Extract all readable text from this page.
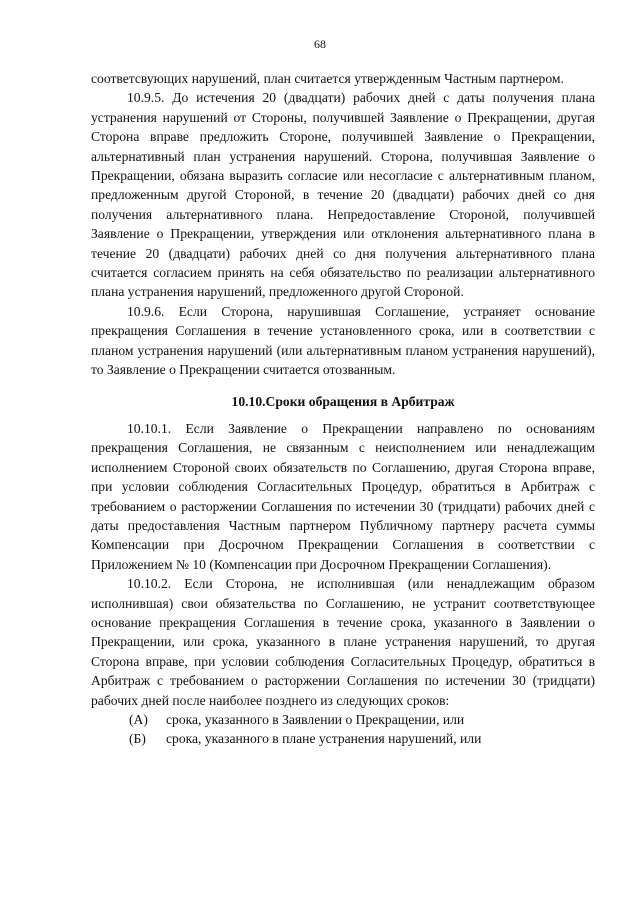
68

соответсвующих нарушений, план считается утвержденным Частным партнером.

10.9.5. До истечения 20 (двадцати) рабочих дней с даты получения плана устранения нарушений от Стороны, получившей Заявление о Прекращении, другая Сторона вправе предложить Стороне, получившей Заявление о Прекращении, альтернативный план устранения нарушений. Сторона, получившая Заявление о Прекращении, обязана выразить согласие или несогласие с альтернативным планом, предложенным другой Стороной, в течение 20 (двадцати) рабочих дней со дня получения альтернативного плана. Непредоставление Стороной, получившей Заявление о Прекращении, утверждения или отклонения альтернативного плана в течение 20 (двадцати) рабочих дней со дня получения альтернативного плана считается согласием принять на себя обязательство по реализации альтернативного плана устранения нарушений, предложенного другой Стороной.

10.9.6. Если Сторона, нарушившая Соглашение, устраняет основание прекращения Соглашения в течение установленного срока, или в соответствии с планом устранения нарушений (или альтернативным планом устранения нарушений), то Заявление о Прекращении считается отозванным.

10.10.Сроки обращения в Арбитраж

10.10.1. Если Заявление о Прекращении направлено по основаниям прекращения Соглашения, не связанным с неисполнением или ненадлежащим исполнением Стороной своих обязательств по Соглашению, другая Сторона вправе, при условии соблюдения Согласительных Процедур, обратиться в Арбитраж с требованием о расторжении Соглашения по истечении 30 (тридцати) рабочих дней с даты предоставления Частным партнером Публичному партнеру расчета суммы Компенсации при Досрочном Прекращении Соглашения в соответствии с Приложением № 10 (Компенсации при Досрочном Прекращении Соглашения).

10.10.2. Если Сторона, не исполнившая (или ненадлежащим образом исполнившая) свои обязательства по Соглашению, не устранит соответствующее основание прекращения Соглашения в течение срока, указанного в Заявлении о Прекращении, или срока, указанного в плане устранения нарушений, то другая Сторона вправе, при условии соблюдения Согласительных Процедур, обратиться в Арбитраж с требованием о расторжении Соглашения по истечении 30 (тридцати) рабочих дней после наиболее позднего из следующих сроков:

(А) срока, указанного в Заявлении о Прекращении, или
(Б) срока, указанного в плане устранения нарушений, или
